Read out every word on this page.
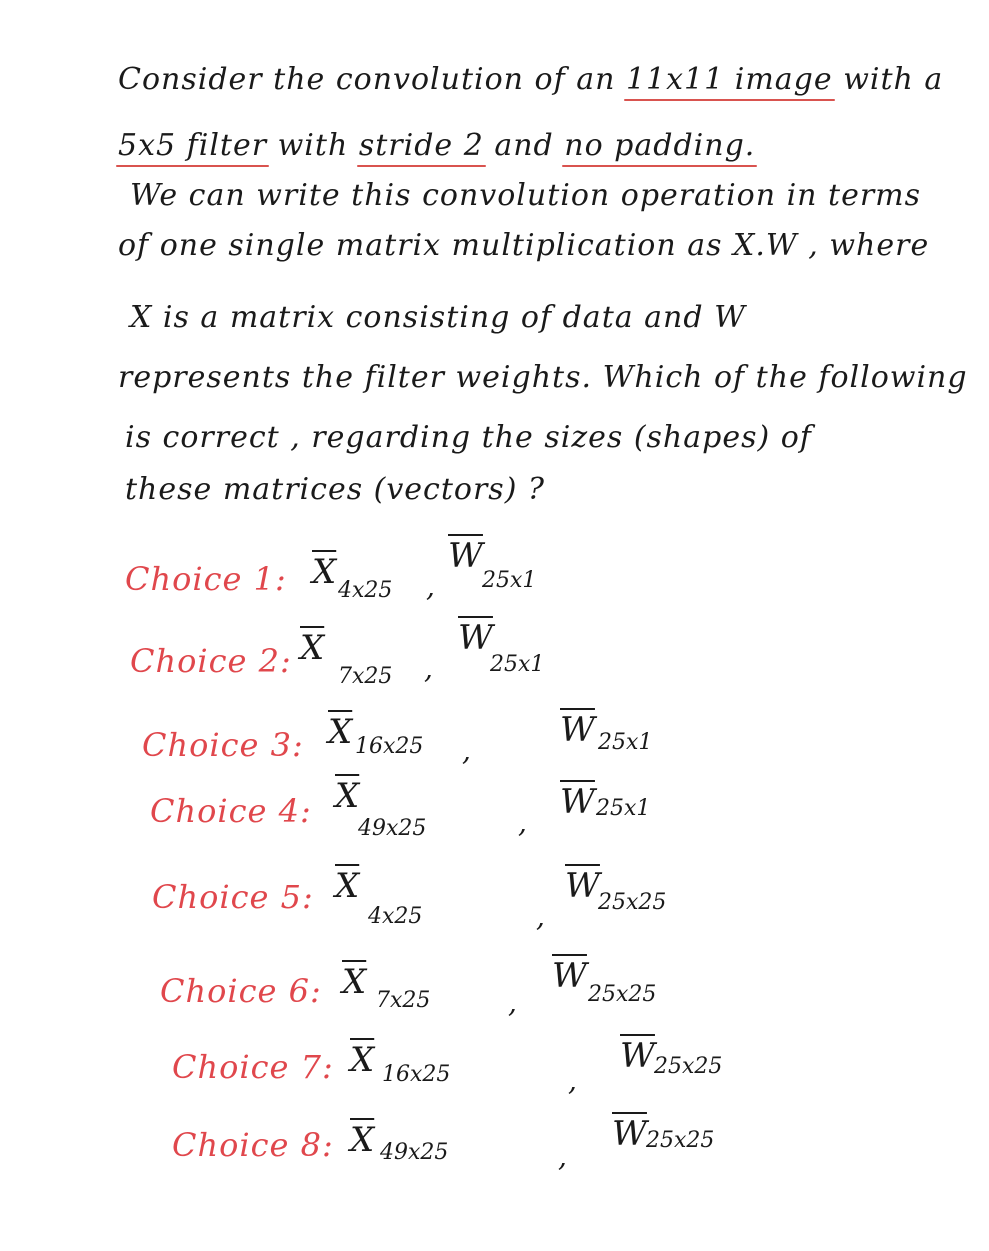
Consider the convolution of an 11x11 image with a
5x5 filter with stride 2 and no padding.
We can write this convolution operation in terms
of one single matrix multiplication as X.W , where
X is a matrix consisting of data and W
represents the filter weights. Which of the following
is correct , regarding the sizes (shapes) of
these matrices (vectors) ?
Choice 1: $\overline{X}$ 4x25 ,
$\overline{W}$
25x1
Choice 2: $\overline{X}$
7x25 ,
$\overline{W}$
25x1
Choice 3: $\overline{X}$ 16x25 ,
$\overline{W}$ 25x1
Choice 4: $\overline{X}$
49x25	,
$\overline{W}$ 25x1
Choice 5: $\overline{X}$
4x25	,
$\overline{W}$
25x25
Choice 6: $\overline{X}$ 7x25	,
$\overline{W}$ 25x25
Choice 7: $\overline{X}$ 16x25	,
$\overline{W}$ 25x25
Choice 8: $\overline{X}$ 49x25	,
$\overline{W}$ 25x25
